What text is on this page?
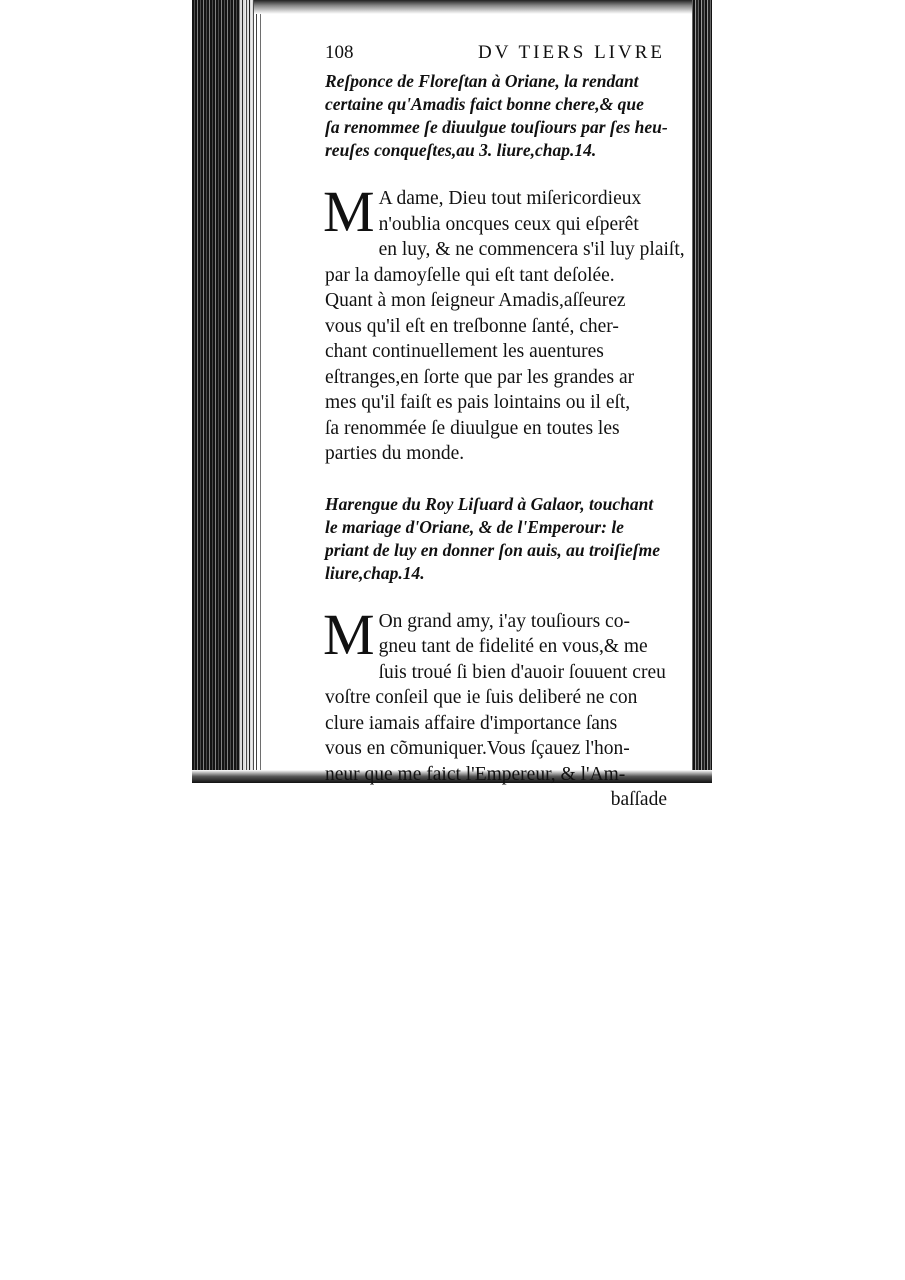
108	DV TIERS LIVRE

Reſponce de Floreſtan à Oriane, la rendant
certaine qu'Amadis faict bonne chere,& que
ſa renommee ſe diuulgue touſiours par ſes heu-
reuſes conqueſtes,au 3. liure,chap.14.

M A dame, Dieu tout miſericordieux
n'oublia oncques ceux qui eſperêt
en luy, & ne commencera s'il luy plaiſt,
par la damoyſelle qui eſt tant deſolée.
Quant à mon ſeigneur Amadis,aſſeurez
vous qu'il eſt en treſbonne ſanté, cher-
chant continuellement les auentures
eſtranges,en ſorte que par les grandes ar
mes qu'il faiſt es pais lointains ou il eſt,
ſa renommée ſe diuulgue en toutes les
parties du monde.

Harengue du Roy Liſuard à Galaor, touchant
le mariage d'Oriane, & de l'Emperour: le
priant de luy en donner ſon auis, au troiſieſme
liure,chap.14.

M On grand amy, i'ay touſiours co-
gneu tant de fidelité en vous,& me
ſuis troué ſi bien d'auoir ſouuent creu
voſtre conſeil que ie ſuis deliberé ne con
clure iamais affaire d'importance ſans
vous en cõmuniquer.Vous ſçauez l'hon-
neur que me faict l'Empereur, & l'Am-
baſſade
